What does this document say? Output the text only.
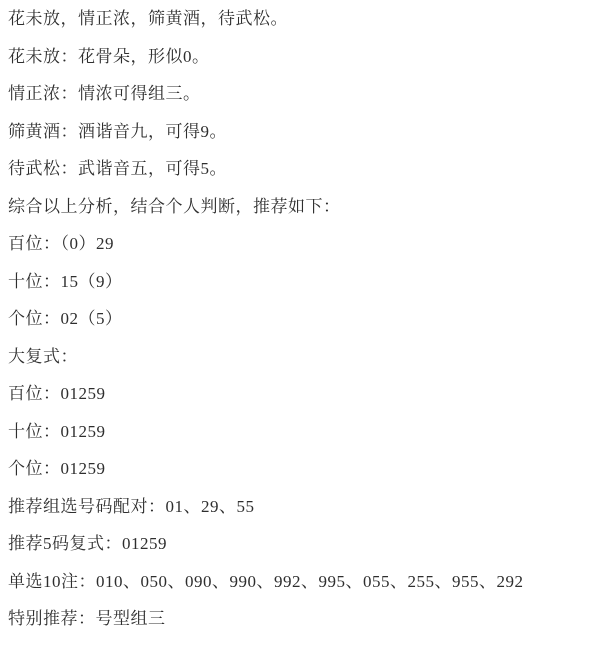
花未放，情正浓，筛黄酒，待武松。

花未放：花骨朵，形似0。

情正浓：情浓可得组三。

筛黄酒：酒谐音九，可得9。

待武松：武谐音五，可得5。

综合以上分析，结合个人判断，推荐如下：

百位：（0）29

十位：15（9）

个位：02（5）

大复式：

百位：01259

十位：01259

个位：01259

推荐组选号码配对：01、29、55

推荐5码复式：01259

单选10注：010、050、090、990、992、995、055、255、955、292

特别推荐：号型组三
